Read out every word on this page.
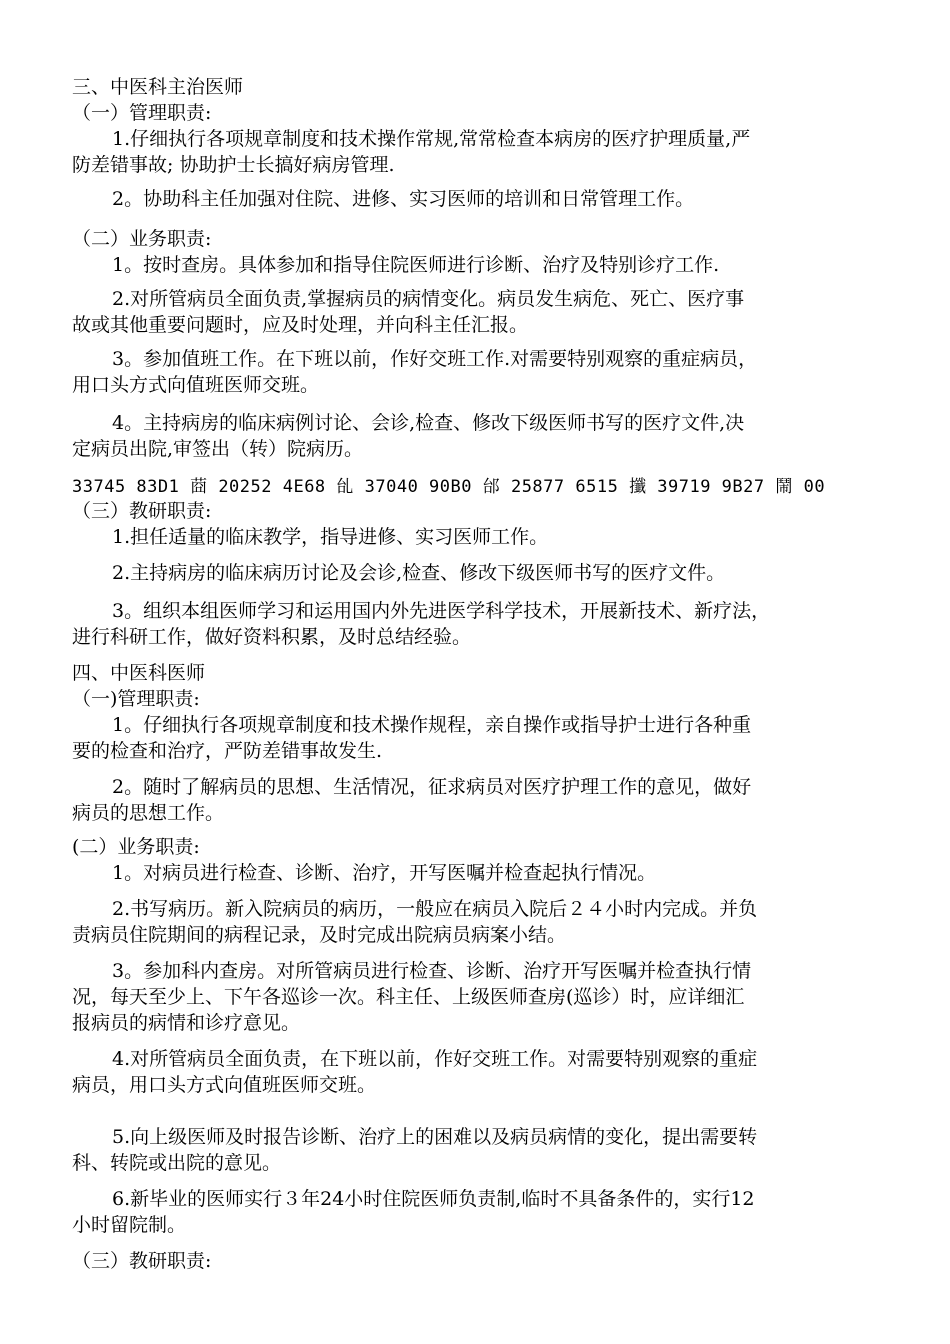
三、中医科主治医师

（一）管理职责:

1.仔细执行各项规章制度和技术操作常规,常常检查本病房的医疗护理质量,严

防差错事故; 协助护士长搞好病房管理.

2。协助科主任加强对住院、进修、实习医师的培训和日常管理工作。

（二）业务职责:

1。按时查房。具体参加和指导住院医师进行诊断、治疗及特别诊疗工作.

2.对所管病员全面负责,掌握病员的病情变化。病员发生病危、死亡、医疗事

故或其他重要问题时，应及时处理，并向科主任汇报。

3。参加值班工作。在下班以前，作好交班工作.对需要特别观察的重症病员，

用口头方式向值班医师交班。

4。主持病房的临床病例讨论、会诊,检查、修改下级医师书写的医疗文件,决

定病员出院,审签出（转）院病历。

33745 83D1 莔 20252 4E68 乨 37040 90B0 邰 25877 6515 攕 39719 9B27 鬧 00

（三）教研职责:

1.担任适量的临床教学，指导进修、实习医师工作。

2.主持病房的临床病历讨论及会诊,检查、修改下级医师书写的医疗文件。

3。组织本组医师学习和运用国内外先进医学科学技术，开展新技术、新疗法，

进行科研工作，做好资料积累，及时总结经验。

四、中医科医师

（一)管理职责:

1。仔细执行各项规章制度和技术操作规程，亲自操作或指导护士进行各种重

要的检查和治疗，严防差错事故发生.

2。随时了解病员的思想、生活情况，征求病员对医疗护理工作的意见，做好

病员的思想工作。

(二）业务职责:

1。对病员进行检查、诊断、治疗，开写医嘱并检查起执行情况。

2.书写病历。新入院病员的病历，一般应在病员入院后２４小时内完成。并负

责病员住院期间的病程记录，及时完成出院病员病案小结。

3。参加科内查房。对所管病员进行检查、诊断、治疗开写医嘱并检查执行情

况，每天至少上、下午各巡诊一次。科主任、上级医师查房(巡诊）时，应详细汇

报病员的病情和诊疗意见。

4.对所管病员全面负责，在下班以前，作好交班工作。对需要特别观察的重症

病员，用口头方式向值班医师交班。

5.向上级医师及时报告诊断、治疗上的困难以及病员病情的变化，提出需要转

科、转院或出院的意见。

6.新毕业的医师实行３年24小时住院医师负责制,临时不具备条件的，实行12

小时留院制。

（三）教研职责:
